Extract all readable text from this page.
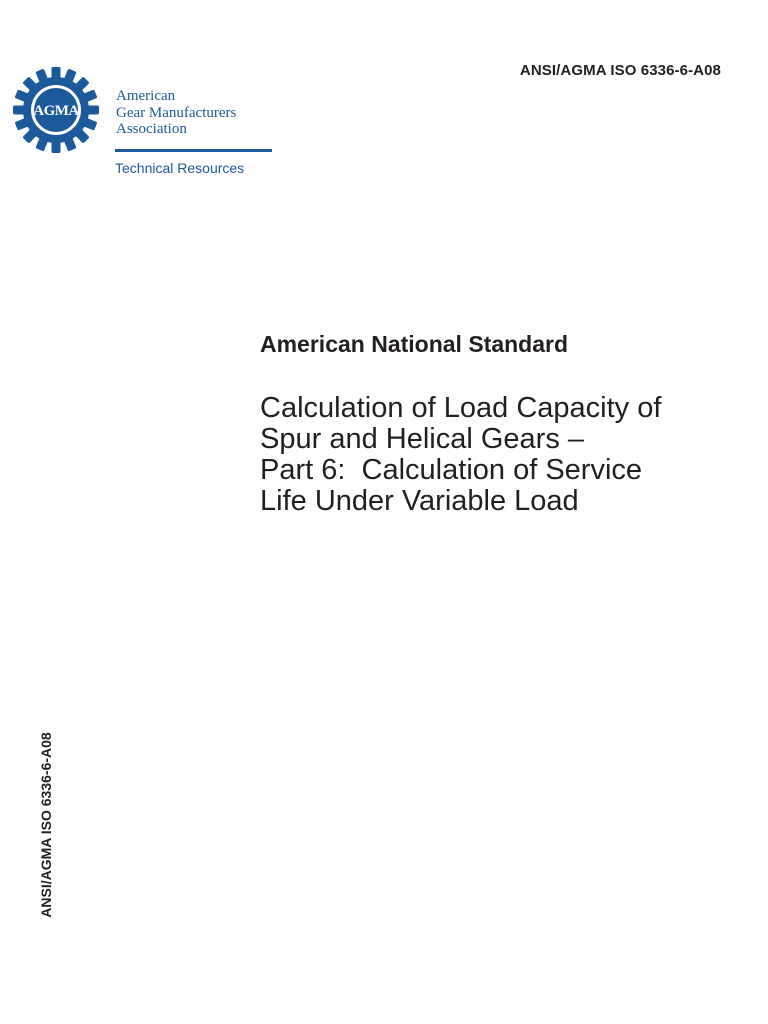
ANSI/AGMA ISO 6336-6-A08
AGMA
American
Gear Manufacturers
Association
Technical Resources
American National Standard
Calculation of Load Capacity of
Spur and Helical Gears –
Part 6:  Calculation of Service
Life Under Variable Load
ANSI/AGMA ISO 6336-6-A08
